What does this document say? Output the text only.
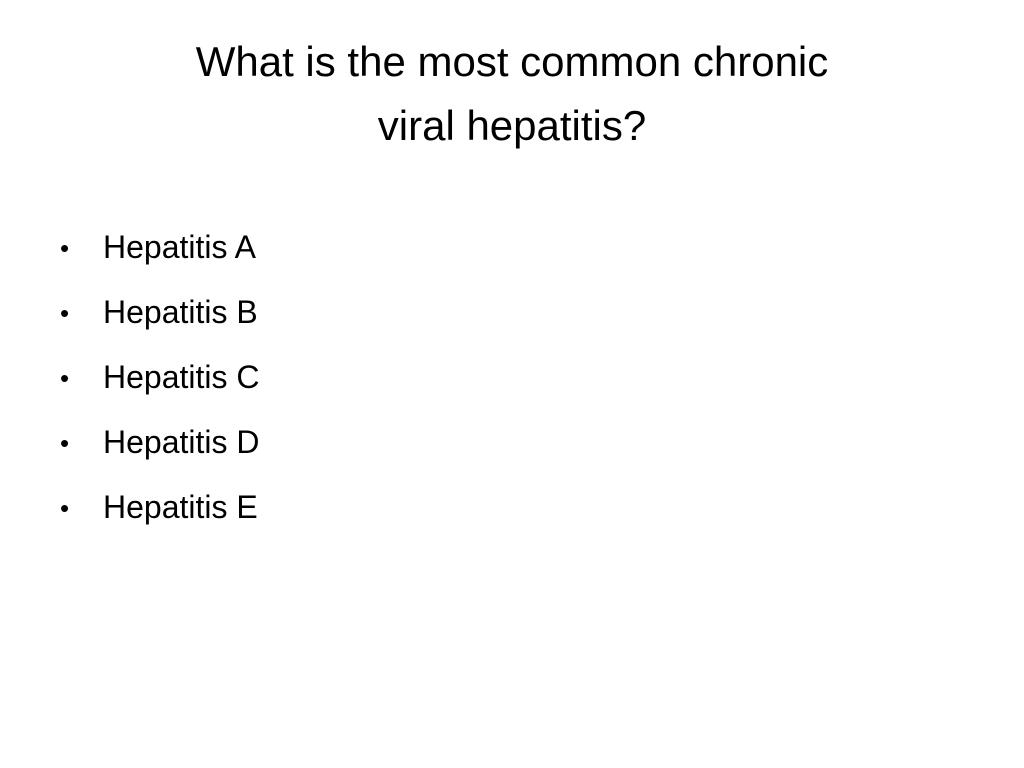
What is the most common chronic
viral hepatitis?
•	Hepatitis A
•	Hepatitis B
•	Hepatitis C
•	Hepatitis D
•	Hepatitis E
